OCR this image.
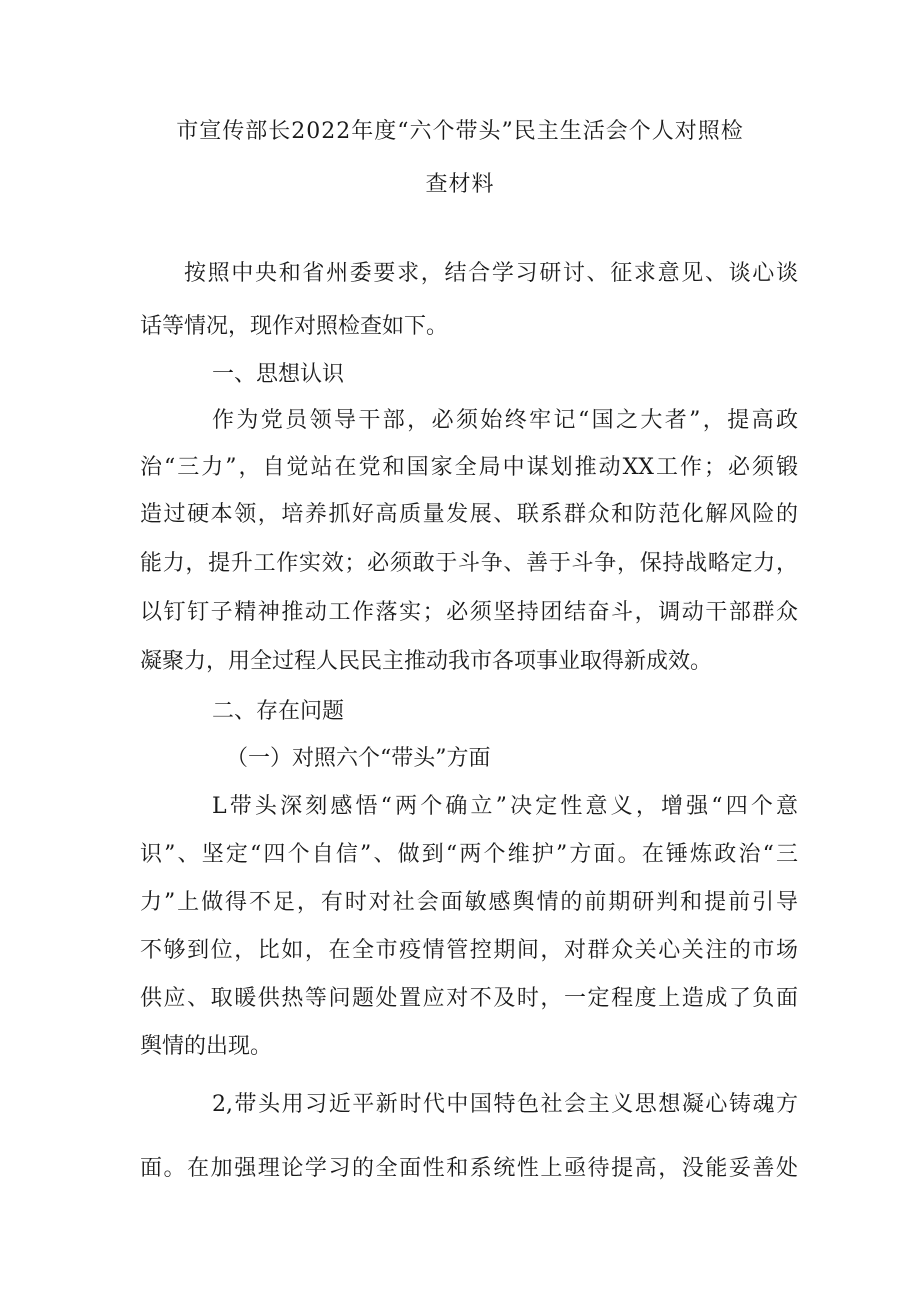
市宣传部长2022年度“六个带头”民主生活会个人对照检
查材料
按照中央和省州委要求，结合学习研讨、征求意见、谈心谈
话等情况，现作对照检查如下。
一、思想认识
作为党员领导干部，必须始终牢记“国之大者”，提高政
治“三力”，自觉站在党和国家全局中谋划推动XX工作；必须锻
造过硬本领，培养抓好高质量发展、联系群众和防范化解风险的
能力，提升工作实效；必须敢于斗争、善于斗争，保持战略定力，
以钉钉子精神推动工作落实；必须坚持团结奋斗，调动干部群众
凝聚力，用全过程人民民主推动我市各项事业取得新成效。
二、存在问题
（一）对照六个“带头”方面
L带头深刻感悟“两个确立”决定性意义，增强“四个意
识”、坚定“四个自信”、做到“两个维护”方面。在锤炼政治“三
力”上做得不足，有时对社会面敏感舆情的前期研判和提前引导
不够到位，比如，在全市疫情管控期间，对群众关心关注的市场
供应、取暖供热等问题处置应对不及时，一定程度上造成了负面
舆情的出现。
2,带头用习近平新时代中国特色社会主义思想凝心铸魂方
面。在加强理论学习的全面性和系统性上亟待提高，没能妥善处
